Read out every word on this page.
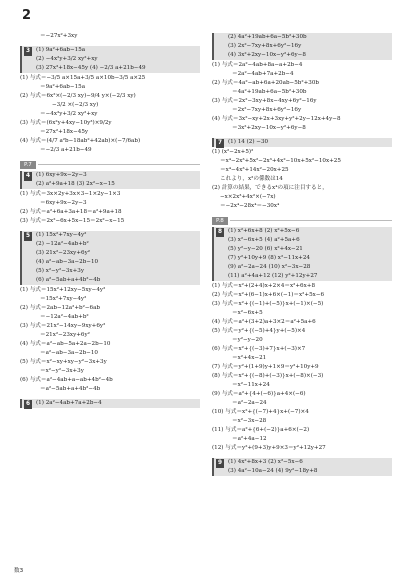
2
＝−27x²+3xy
3	(1) 9a²+6ab−15a
(2) −4x²y+3/2 xy²+xy
(3) 27x³+18x−45y (4) −2/3 a+21b−49
(1) 与式＝−3/5 a×15a+3/5 a×10b−3/5 a×25
＝9a²+6ab−15a
(2) 与式＝6x²×(−2/3 xy)−9/4 y×(−2/3 xy)
−3/2 ×(−2/3 xy)
＝−4x³y+3/2 xy²+xy
(3) 与式＝(6x²y+4xy−10y³)×9/2y
＝27x²+18x−45y
(4) 与式＝(4/7 a²b−18ab²+42ab)×(−7/6ab)
＝−2/3 a+21b−49
P.7
4	(1) 6xy+9x−2y−3
(2) a²+9a+18 (3) 2x²−x−15
(1) 与式＝3x×2y+3x×3−1×2y−1×3
＝6xy+9x−2y−3
(2) 与式＝a²+6a+3a+18＝a²+9a+18
(3) 与式＝2x²−6x+5x−15＝2x²−x−15
5	(1) 15x²+7xy−4y²
(2) −12a²−4ab+b²
(3) 21x²−23xy+6y²
(4) a²−ab−3a−2b−10
(5) x²−y²−3x+3y
(6) a²−5ab+a+4b²−4b
(1) 与式＝15x²+12xy−5xy−4y²
＝15x²+7xy−4y²
(2) 与式＝2ab−12a²+b²−6ab
＝−12a²−4ab+b²
(3) 与式＝21x²−14xy−9xy+6y²
＝21x²−23xy+6y²
(4) 与式＝a²−ab−5a+2a−2b−10
＝a²−ab−3a−2b−10
(5) 与式＝x²−xy+xy−y²−3x+3y
＝x²−y²−3x+3y
(6) 与式＝a²−4ab+a−ab+4b²−4b
＝a²−5ab+a+4b²−4b
6	(1) 2a²−4ab+7a+2b−4
(2) 4a²+19ab+6a−5b²+30b
(3) 2x²−7xy+8x+6y²−16y
(4) 3x²+2xy−10x−y²+6y−8
(1) 与式＝2a²−4ab+8a−a+2b−4
＝2a²−4ab+7a+2b−4
(2) 与式＝4a²−ab+6a+20ab−5b²+30b
＝4a²+19ab+6a−5b²+30b
(3) 与式＝2x²−3xy+8x−4xy+6y²−16y
＝2x²−7xy+8x+6y²−16y
(4) 与式＝3x²−xy+2x+3xy+y²+2y−12x+4y−8
＝3x²+2xy−10x−y²+6y−8
7	(1) 14 (2) −30
(1) (x²−2x+5)²
＝x⁴−2x³+5x²−2x³+4x²−10x+5x²−10x+25
＝x⁴−4x³+14x²−20x+25
これより，x²の係数は14
(2) 計算の結果，できるx⁴の項に注目すると，
−x×2x³+4x²×(−7x)
＝−2x⁴−28x⁴＝−30x⁴
P.8
8	(1) x²+6x+8 (2) x²+5x−6
(3) x²−6x+5 (4) a²+5a+6
(5) y²−y−20 (6) x²+4x−21
(7) y²+10y+9 (8) x²−11x+24
(9) a²−2a−24 (10) x²−3x−28
(11) a²+4a+12 (12) y²+12y+27
(1) 与式＝x²+(2+4)x+2×4＝x²+6x+8
(2) 与式＝x²+(6−1)x+6×(−1)＝x²+5x−6
(3) 与式＝x²+{(−1)+(−5)}x+(−1)×(−5)
＝x²−6x+5
(4) 与式＝a²+(3+2)a+3×2＝a²+5a+6
(5) 与式＝y²+{(−5)+4}y+(−5)×4
＝y²−y−20
(6) 与式＝x²+{(−3)+7}x+(−3)×7
＝x²+4x−21
(7) 与式＝y²+(1+9)y+1×9＝y²+10y+9
(8) 与式＝x²+{(−8)+(−3)}x+(−8)×(−3)
＝x²−11x+24
(9) 与式＝a²+{4+(−6)}a+4×(−6)
＝a²−2a−24
(10) 与式＝x²+{(−7)+4}x+(−7)×4
＝x²−3x−28
(11) 与式＝a²+{6+(−2)}a+6×(−2)
＝a²+4a−12
(12) 与式＝y²+(9+3)y+9×3＝y²+12y+27
9	(1) 4x²+8x+3 (2) x²−5x−6
(3) 4a²−10a−24 (4) 9y²−18y+8
数3
